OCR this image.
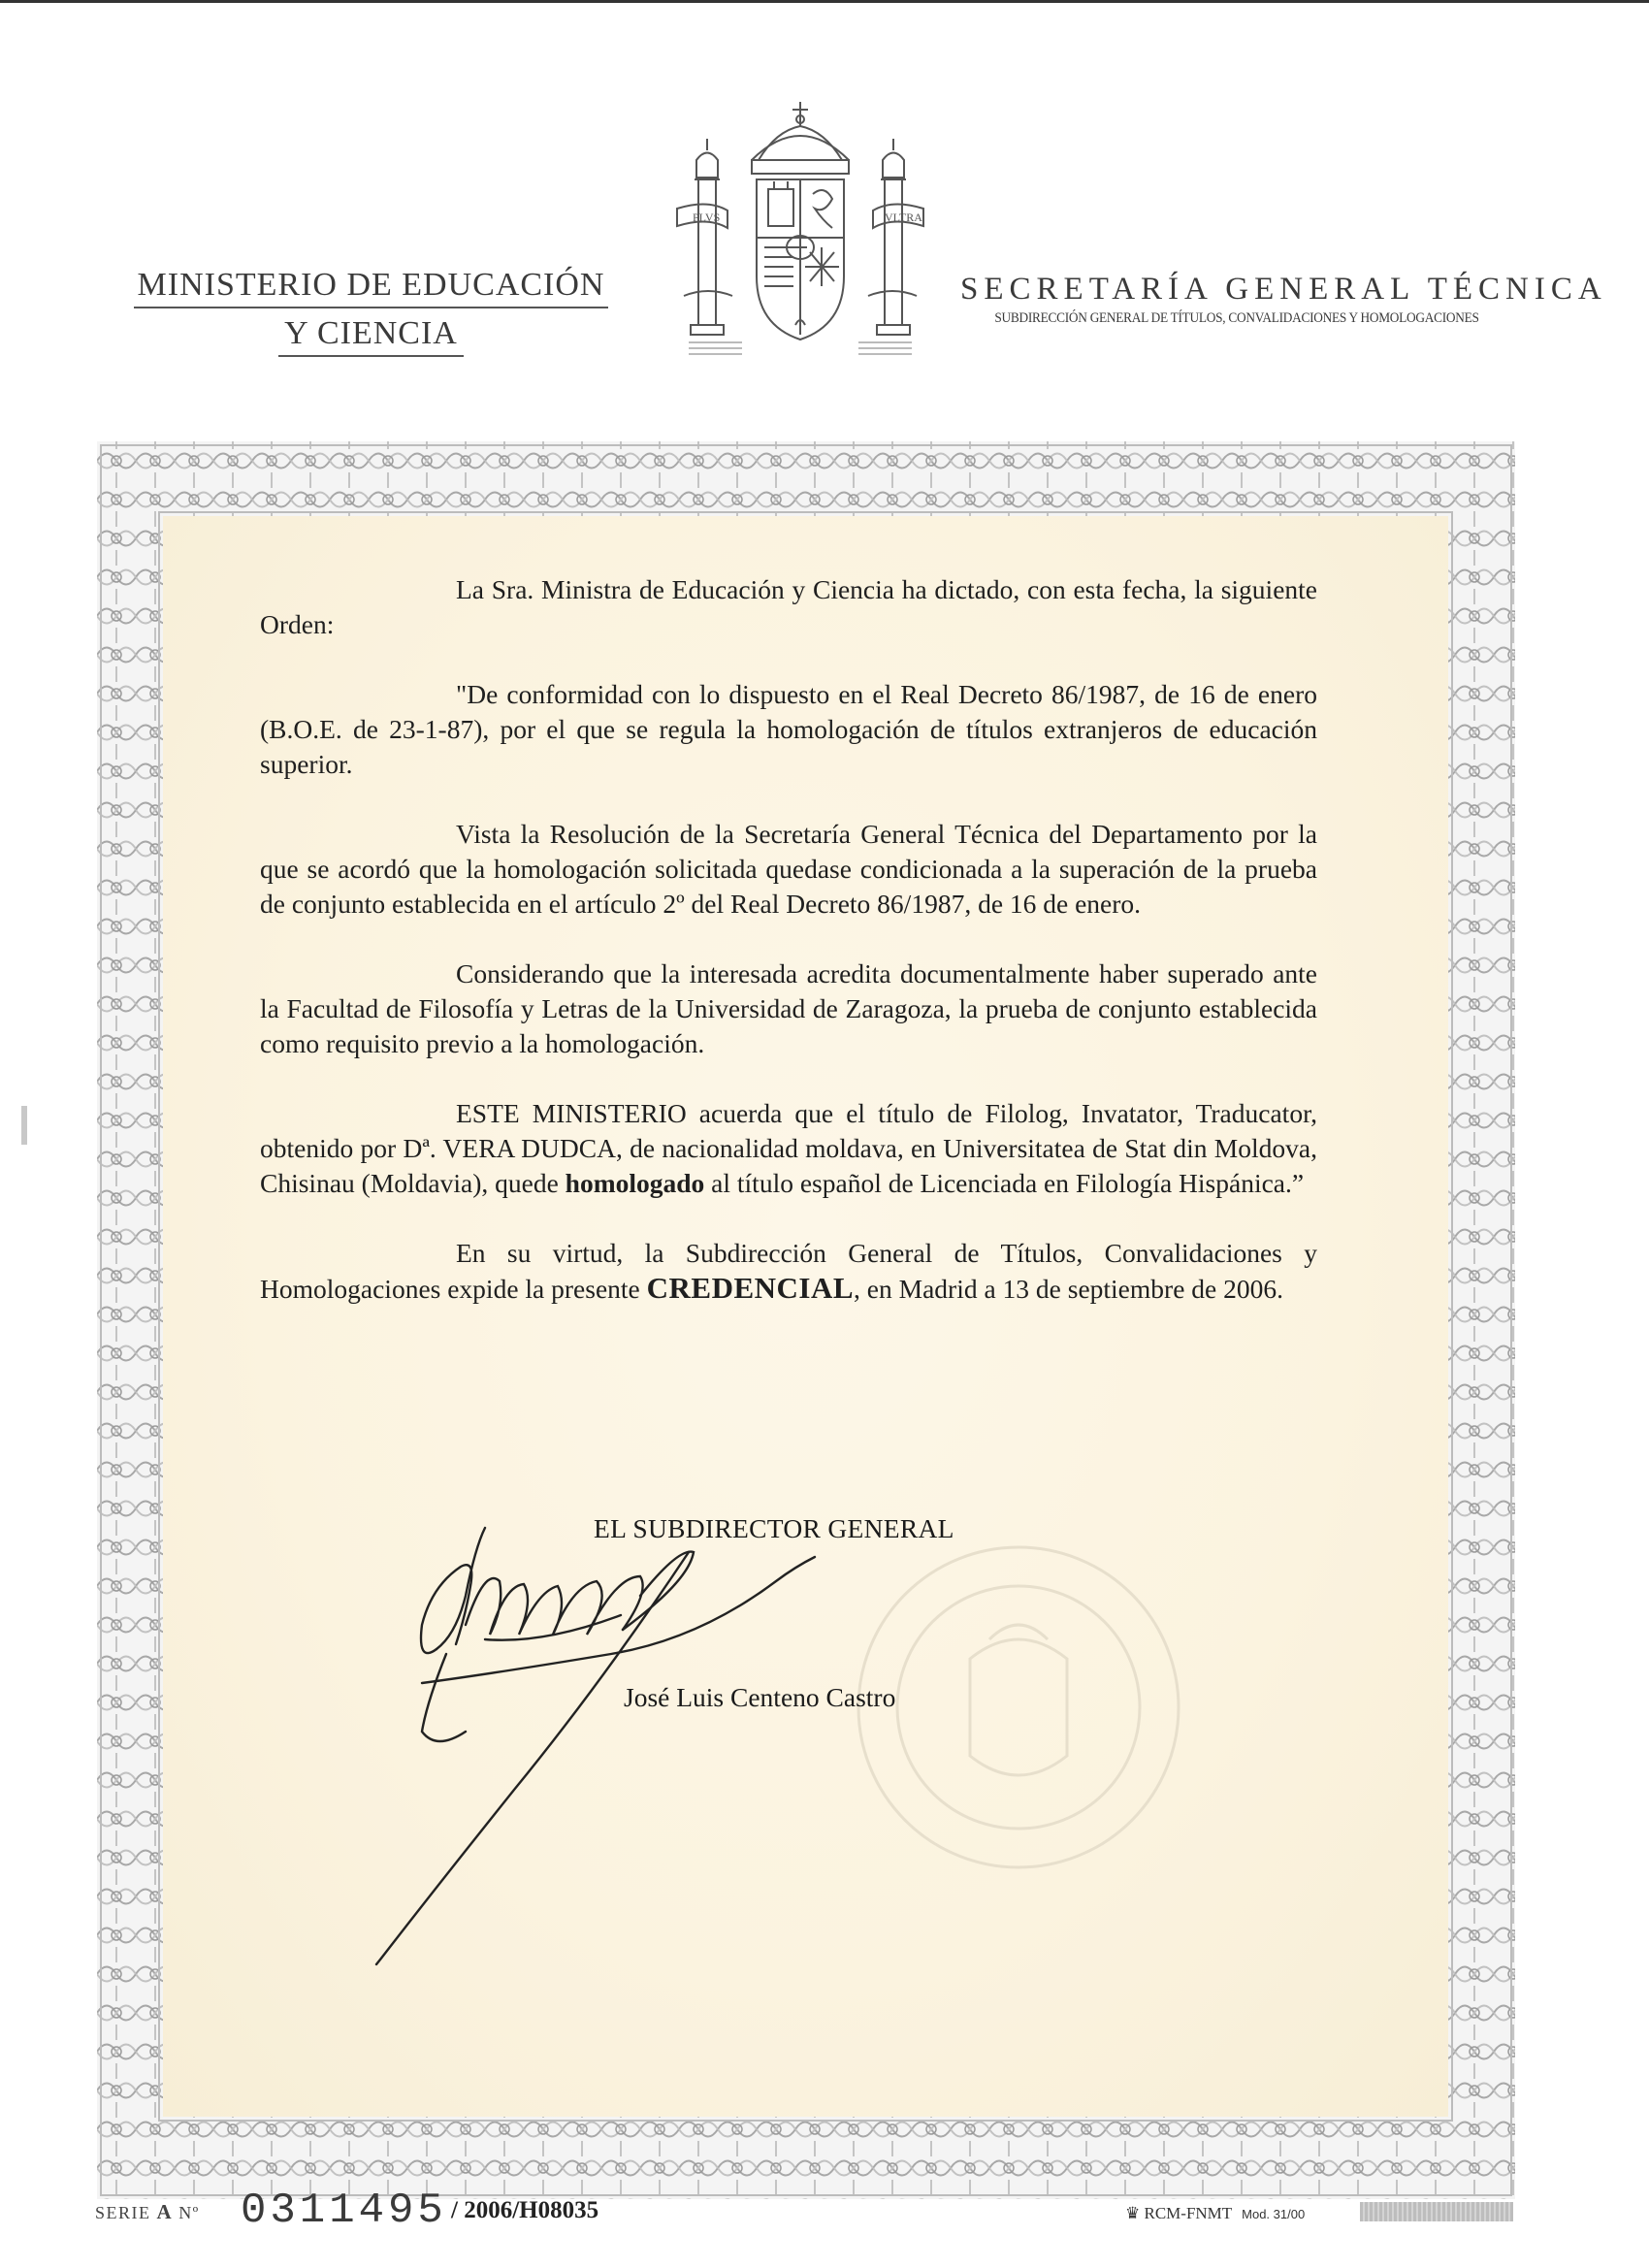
MINISTERIO DE EDUCACIÓN
Y CIENCIA
PLVS	VLTRA
SECRETARÍA GENERAL TÉCNICA
SUBDIRECCIÓN GENERAL DE TÍTULOS, CONVALIDACIONES Y HOMOLOGACIONES

La Sra. Ministra de Educación y Ciencia ha dictado, con esta fecha, la siguiente Orden:

"De conformidad con lo dispuesto en el Real Decreto 86/1987, de 16 de enero (B.O.E. de 23-1-87), por el que se regula la homologación de títulos extranjeros de educación superior.

Vista la Resolución de la Secretaría General Técnica del Departamento por la que se acordó que la homologación solicitada quedase condicionada a la superación de la prueba de conjunto establecida en el artículo 2º del Real Decreto 86/1987, de 16 de enero.

Considerando que la interesada acredita documentalmente haber superado ante la Facultad de Filosofía y Letras de la Universidad de Zaragoza, la prueba de conjunto establecida como requisito previo a la homologación.

ESTE MINISTERIO acuerda que el título de Filolog, Invatator, Traducator, obtenido por Dª. VERA DUDCA, de nacionalidad moldava, en Universitatea de Stat din Moldova, Chisinau (Moldavia), quede homologado al título español de Licenciada en Filología Hispánica.”

En su virtud, la Subdirección General de Títulos, Convalidaciones y Homologaciones expide la presente CREDENCIAL, en Madrid a 13 de septiembre de 2006.

EL SUBDIRECTOR GENERAL
José Luis Centeno Castro
SERIE A Nº 0311495 / 2006/H08035	♛ RCM-FNMT Mod. 31/00
